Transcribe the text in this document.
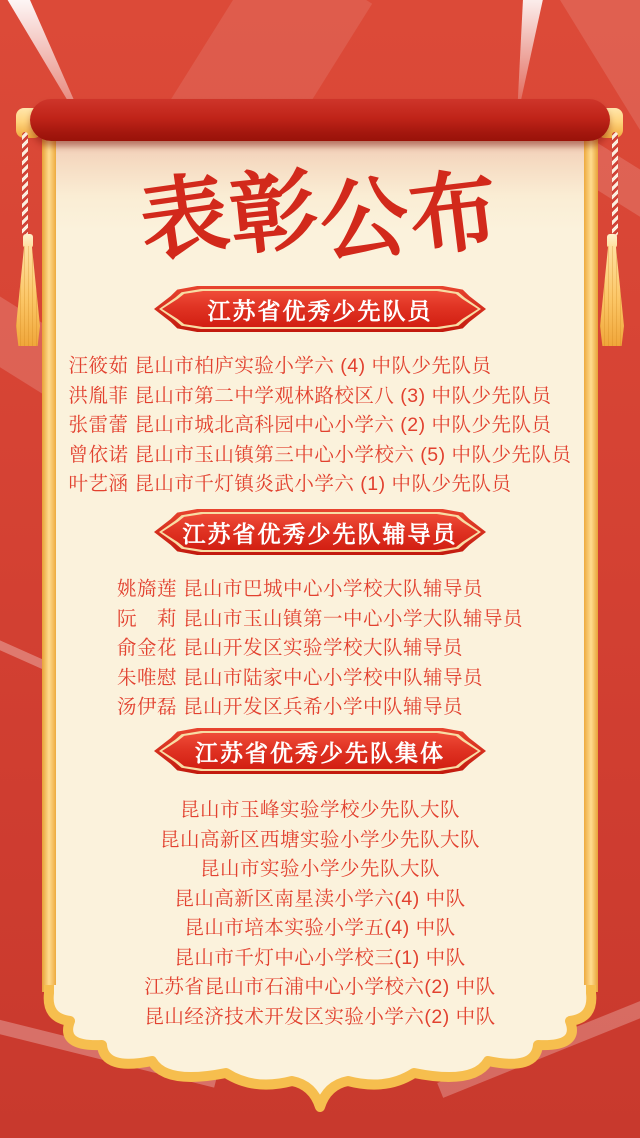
表彰公布
江苏省优秀少先队员
汪筱茹 昆山市柏庐实验小学六 (4) 中队少先队员
洪胤菲 昆山市第二中学观林路校区八 (3) 中队少先队员
张雷蕾 昆山市城北高科园中心小学六 (2) 中队少先队员
曾依诺 昆山市玉山镇第三中心小学校六 (5) 中队少先队员
叶艺涵 昆山市千灯镇炎武小学六 (1) 中队少先队员
江苏省优秀少先队辅导员
姚旖莲 昆山市巴城中心小学校大队辅导员
阮　莉 昆山市玉山镇第一中心小学大队辅导员
俞金花 昆山开发区实验学校大队辅导员
朱唯慰 昆山市陆家中心小学校中队辅导员
汤伊磊 昆山开发区兵希小学中队辅导员
江苏省优秀少先队集体
昆山市玉峰实验学校少先队大队
昆山高新区西塘实验小学少先队大队
昆山市实验小学少先队大队
昆山高新区南星渎小学六(4) 中队
昆山市培本实验小学五(4) 中队
昆山市千灯中心小学校三(1) 中队
江苏省昆山市石浦中心小学校六(2) 中队
昆山经济技术开发区实验小学六(2) 中队
